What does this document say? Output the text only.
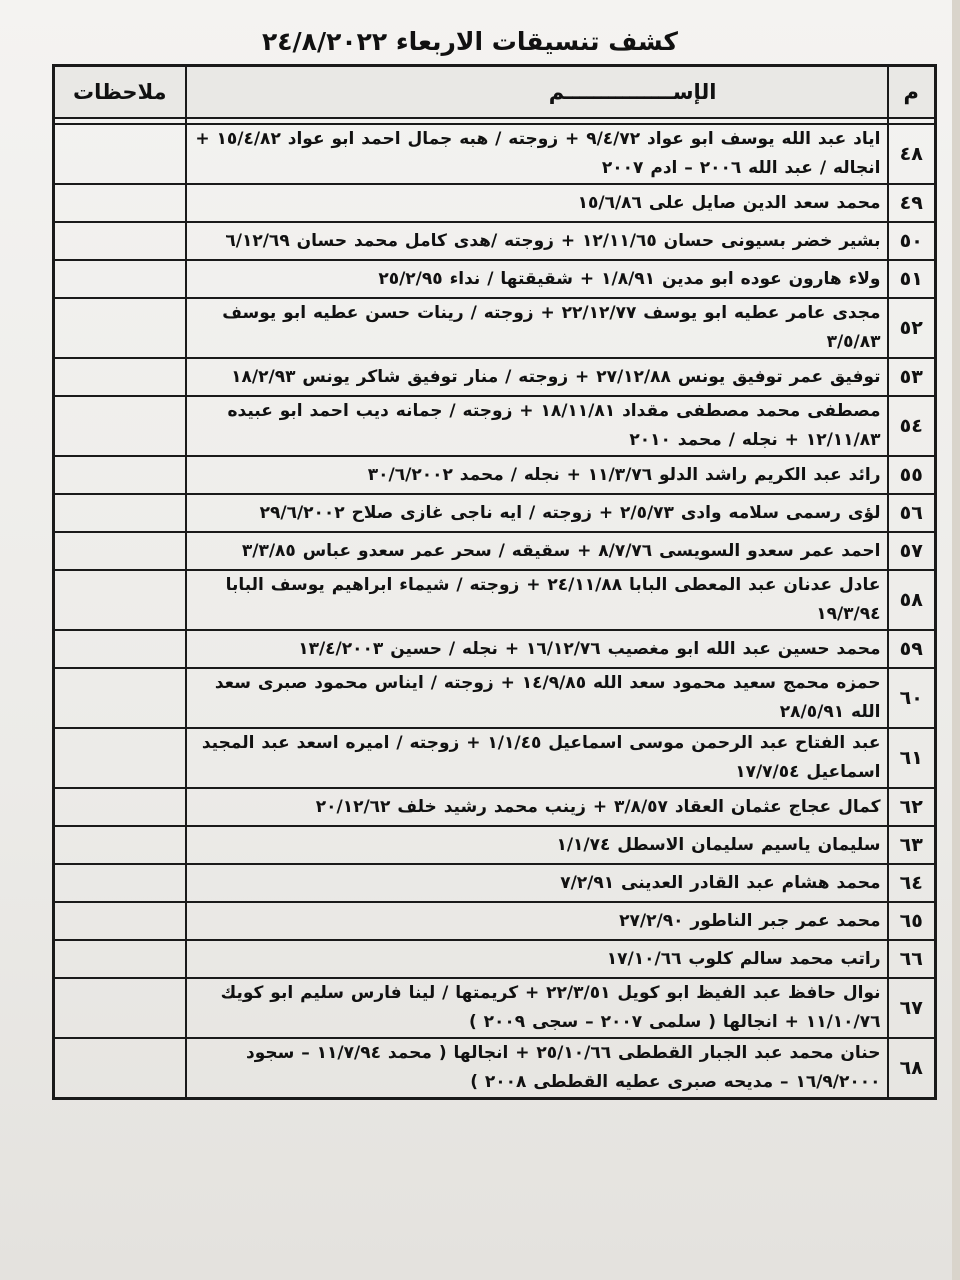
كشف تنسيقات الاربعاء ٢٤/٨/٢٠٢٢
م	الإســـــــــــــــم	ملاحظات

٤٨	اياد عبد الله يوسف ابو عواد ٩/٤/٧٢ + زوجته / هبه جمال احمد ابو عواد ١٥/٤/٨٢ + انجاله / عبد الله ٢٠٠٦ – ادم ٢٠٠٧	
٤٩	محمد سعد الدين صايل على ١٥/٦/٨٦	
٥٠	بشير خضر بسيونى حسان ١٢/١١/٦٥ + زوجته /هدى كامل محمد حسان ٦/١٢/٦٩	
٥١	ولاء هارون عوده ابو مدين ١/٨/٩١ + شقيقتها / نداء ٢٥/٢/٩٥	
٥٢	مجدى عامر عطيه ابو يوسف ٢٢/١٢/٧٧ + زوجته / رينات حسن عطيه ابو يوسف ٣/٥/٨٣	
٥٣	توفيق عمر توفيق يونس ٢٧/١٢/٨٨ + زوجته / منار توفيق شاكر يونس ١٨/٢/٩٣	
٥٤	مصطفى محمد مصطفى مقداد ١٨/١١/٨١ + زوجته / جمانه ديب احمد ابو عبيده ١٢/١١/٨٣ + نجله / محمد ٢٠١٠	
٥٥	رائد عبد الكريم راشد الدلو ١١/٣/٧٦ + نجله / محمد ٣٠/٦/٢٠٠٢	
٥٦	لؤى رسمى سلامه وادى ٢/٥/٧٣ + زوجته / ايه ناجى غازى صلاح ٢٩/٦/٢٠٠٢	
٥٧	احمد عمر سعدو السويسى ٨/٧/٧٦ + سقيقه / سحر عمر سعدو عباس ٣/٣/٨٥	
٥٨	عادل عدنان عبد المعطى البابا ٢٤/١١/٨٨ + زوجته / شيماء ابراهيم يوسف البابا ١٩/٣/٩٤	
٥٩	محمد حسين عبد الله ابو مغصيب ١٦/١٢/٧٦ + نجله / حسين ١٣/٤/٢٠٠٣	
٦٠	حمزه محمج سعيد محمود سعد الله ١٤/٩/٨٥ + زوجته / ايناس محمود صبرى سعد الله ٢٨/٥/٩١	
٦١	عبد الفتاح عبد الرحمن موسى اسماعيل ١/١/٤٥ + زوجته / اميره اسعد عبد المجيد اسماعيل ١٧/٧/٥٤	
٦٢	كمال عجاج عثمان العقاد ٣/٨/٥٧ + زينب محمد رشيد خلف ٢٠/١٢/٦٢	
٦٣	سليمان ياسيم سليمان الاسطل ١/١/٧٤	
٦٤	محمد هشام عبد القادر العدينى ٧/٢/٩١	
٦٥	محمد عمر جبر الناطور ٢٧/٢/٩٠	
٦٦	راتب محمد سالم كلوب ١٧/١٠/٦٦	
٦٧	نوال حافظ عبد الفيظ ابو كويل ٢٢/٣/٥١ + كريمتها / لينا فارس سليم ابو كويك ١١/١٠/٧٦ + انجالها ( سلمى ٢٠٠٧ – سجى ٢٠٠٩ )	
٦٨	حنان محمد عبد الجبار القططى ٢٥/١٠/٦٦ + انجالها ( محمد ١١/٧/٩٤ – سجود ١٦/٩/٢٠٠٠ – مديحه صبرى عطيه القططى ٢٠٠٨ )	
